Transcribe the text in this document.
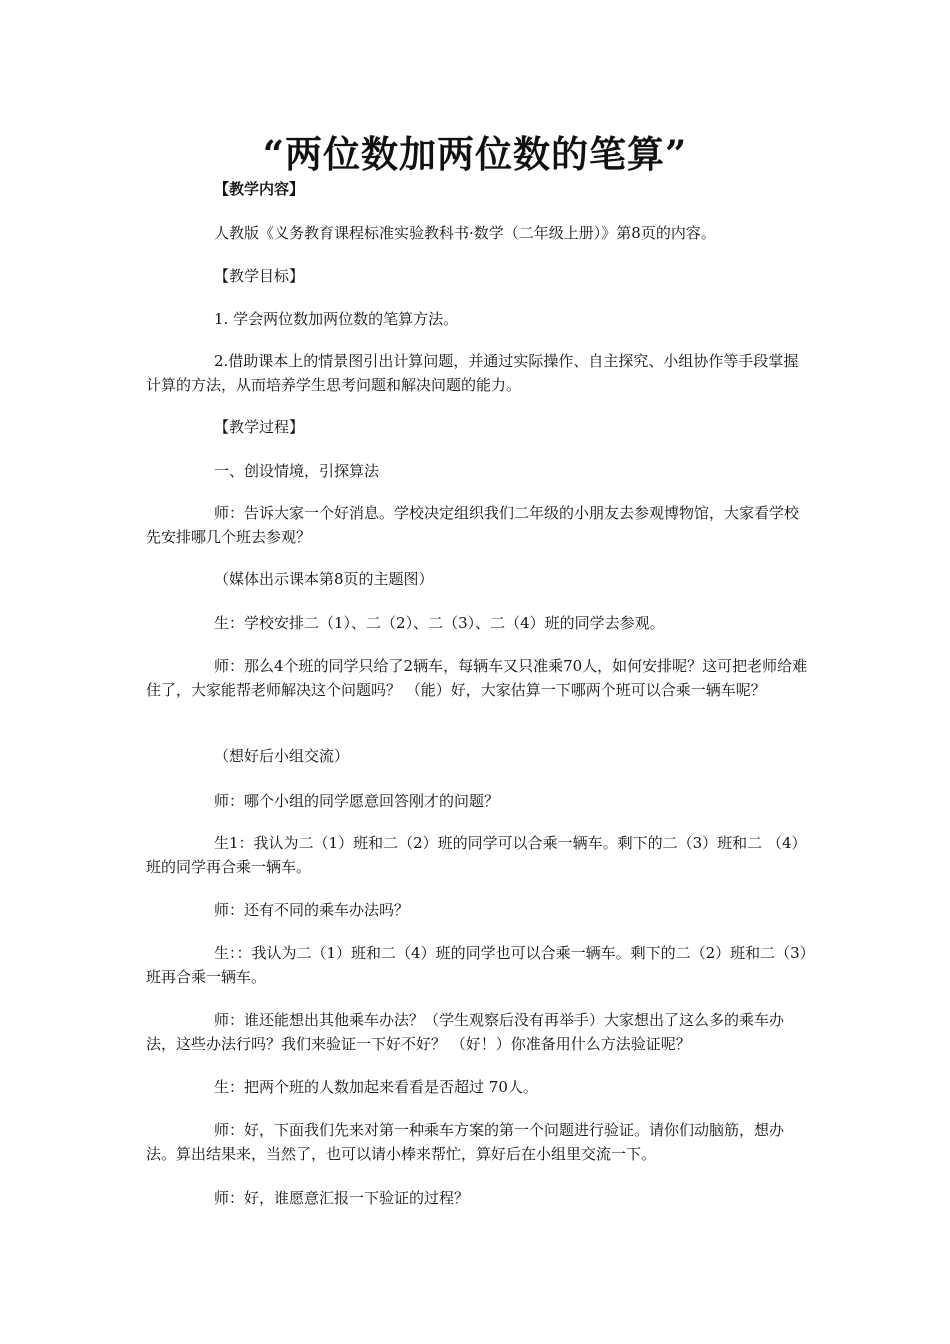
“两位数加两位数的笔算”

【教学内容】

人教版《义务教育课程标准实验教科书·数学（二年级上册）》第8页的内容。

【教学目标】

1. 学会两位数加两位数的笔算方法。

2.借助课本上的情景图引出计算问题，并通过实际操作、自主探究、小组协作等手段掌握计算的方法，从而培养学生思考问题和解决问题的能力。

【教学过程】

一、创设情境，引探算法

师：告诉大家一个好消息。学校决定组织我们二年级的小朋友去参观博物馆，大家看学校先安排哪几个班去参观？

（媒体出示课本第8页的主题图）

生：学校安排二（1）、二（2）、二（3）、二（4）班的同学去参观。

师：那么4个班的同学只给了2辆车，每辆车又只准乘70人，如何安排呢？这可把老师给难住了，大家能帮老师解决这个问题吗？ （能）好，大家估算一下哪两个班可以合乘一辆车呢？

（想好后小组交流）

师：哪个小组的同学愿意回答刚才的问题？

生1：我认为二（1）班和二（2）班的同学可以合乘一辆车。剩下的二（3）班和二 （4）班的同学再合乘一辆车。

师：还有不同的乘车办法吗？

生：：我认为二（1）班和二（4）班的同学也可以合乘一辆车。剩下的二（2）班和二（3）班再合乘一辆车。

师：谁还能想出其他乘车办法？（学生观察后没有再举手）大家想出了这么多的乘车办法，这些办法行吗？我们来验证一下好不好？ （好！）你准备用什么方法验证呢？

生：把两个班的人数加起来看看是否超过 70人。

师：好，下面我们先来对第一种乘车方案的第一个问题进行验证。请你们动脑筋，想办法。算出结果来，当然了，也可以请小棒来帮忙，算好后在小组里交流一下。

师：好，谁愿意汇报一下验证的过程？
